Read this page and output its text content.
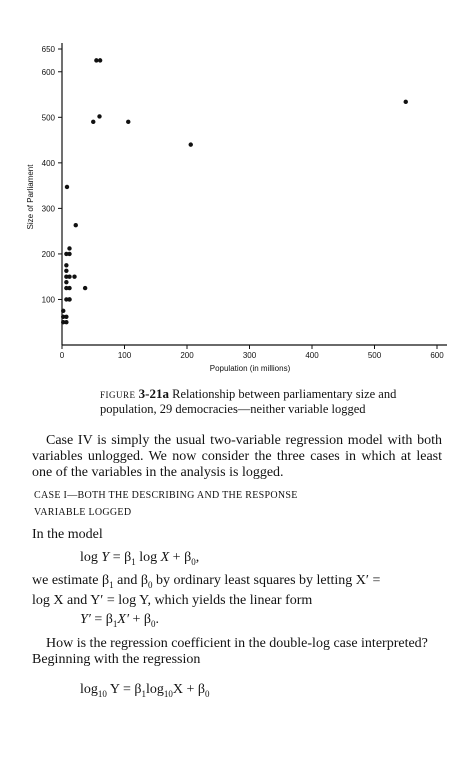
0	100	200	300	400	500	600
100
200
300
400
500
600
650
Population (in millions)
Size of Parliament
FIGURE 3-21a Relationship between parliamentary size and population, 29 democracies—neither variable logged
Case IV is simply the usual two-variable regression model with both variables unlogged. We now consider the three cases in which at least one of the variables in the analysis is logged.
CASE I—BOTH THE DESCRIBING AND THE RESPONSE
VARIABLE LOGGED
In the model
$\log Y = \beta_1$ $\log X + \beta_0$,
we estimate $\beta_1$ and $\beta_0$ by ordinary least squares by letting X′ =
log X and Y′ = log Y, which yields the linear form
$Y' = \beta_1X' + \beta_0$.
How is the regression coefficient in the double-log case interpreted? Beginning with the regression
$\log_{10} Y = \beta_1\log_{10}X + \beta_0$
